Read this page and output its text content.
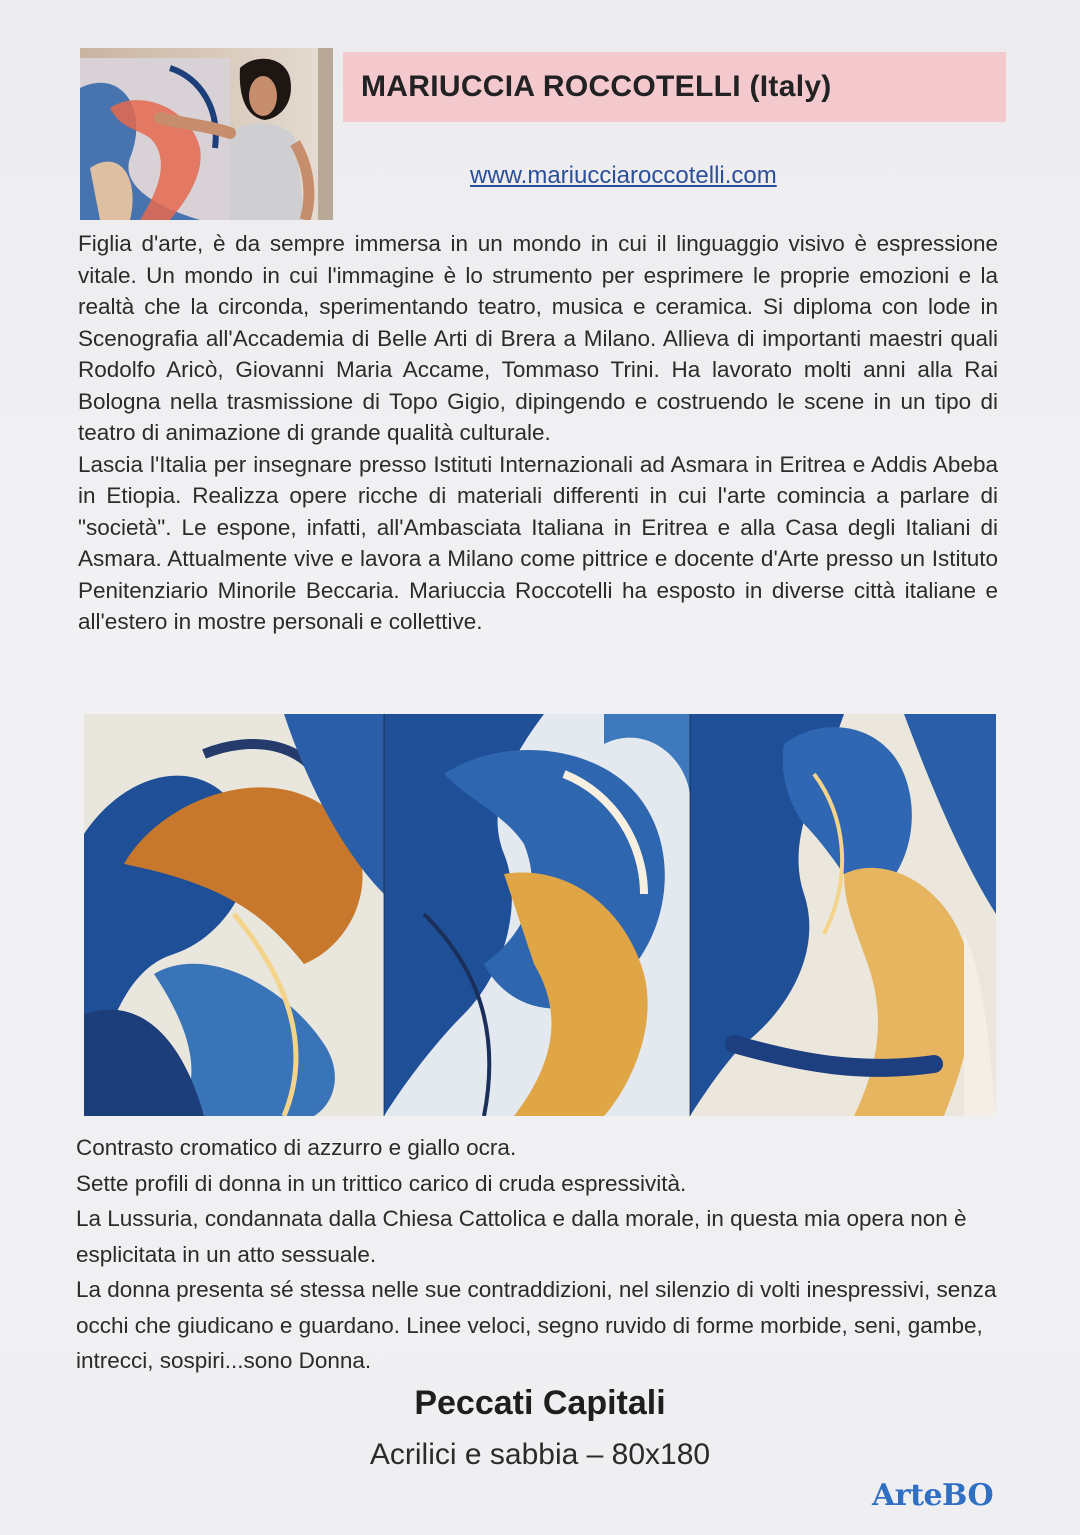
MARIUCCIA ROCCOTELLI (Italy)
www.mariucciaroccotelli.com

Figlia d'arte, è da sempre immersa in un mondo in cui il linguaggio visivo è espressione vitale. Un mondo in cui l'immagine è lo strumento per esprimere le proprie emozioni e la realtà che la circonda, sperimentando teatro, musica e ceramica. Si diploma con lode in Scenografia all'Accademia di Belle Arti di Brera a Milano. Allieva di importanti maestri quali Rodolfo Aricò, Giovanni Maria Accame, Tommaso Trini. Ha lavorato molti anni alla Rai Bologna nella trasmissione di Topo Gigio, dipingendo e costruendo le scene in un tipo di teatro di animazione di grande qualità culturale.

Lascia l'Italia per insegnare presso Istituti Internazionali ad Asmara in Eritrea e Addis Abeba in Etiopia. Realizza opere ricche di materiali differenti in cui l'arte comincia a parlare di "società". Le espone, infatti, all'Ambasciata Italiana in Eritrea e alla Casa degli Italiani di Asmara. Attualmente vive e lavora a Milano come pittrice e docente d'Arte presso un Istituto Penitenziario Minorile Beccaria. Mariuccia Roccotelli ha esposto in diverse città italiane e all'estero in mostre personali e collettive.

Contrasto cromatico di azzurro e giallo ocra.

Sette profili di donna in un trittico carico di cruda espressività.

La Lussuria, condannata dalla Chiesa Cattolica e dalla morale, in questa mia opera non è esplicitata in un atto sessuale.

La donna presenta sé stessa nelle sue contraddizioni, nel silenzio di volti inespressivi, senza occhi che giudicano e guardano. Linee veloci, segno ruvido di forme morbide, seni, gambe, intrecci, sospiri...sono Donna.

Peccati Capitali
Acrilici e sabbia – 80x180
ArteBO
